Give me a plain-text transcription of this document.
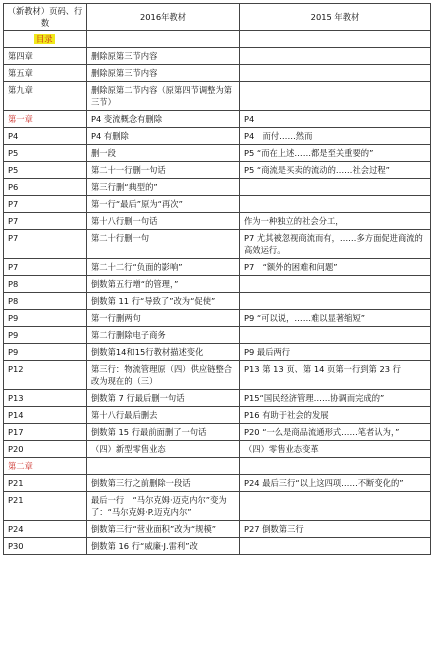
（新教材）页码、行数	2016年教材	2015 年教材
目录		
第四章	删除原第三节内容	
第五章	删除原第三节内容	
第九章	删除原第二节内容（原第四节调整为第三节）	
第一章	P4 变流概念有删除	P4
P4	P4 有删除	P4　而付……然而
P5	删一段	P5 “而在上述……都是至关重要的”
P5	第二十一行删一句话	P5 “商流是买卖的流动的……社会过程”
P6	第三行删“典型的”	
P7	第一行“最后”原为“再次”	
P7	第十八行删一句话	作为一种独立的社会分工，
P7	第二十行删一句	P7 尤其被忽视商流而有，……多方面促进商流的高效运行。
P7	第二十二行“负面的影响”	P7　“额外的困难和问题”
P8	倒数第五行增“的管理，”	
P8	倒数第 11 行“导致了”改为“促使”	
P9	第一行删两句	P9 “可以说，……难以显著缩短”
P9	第二行删除电子商务	
P9	倒数第14和15行教材描述变化	P9 最后两行
P12	第三行：物流管理原（四）供应链整合改为现在的（三）	P13 第 13 页、第 14 页第一行到第 23 行
P13	倒数第 7 行最后删一句话	P15“国民经济管理……协调而完成的”
P14	第十八行最后删去	P16 有助于社会的发展
P17	倒数第 15 行最前面删了一句话	P20 “一么是商品流通形式……笔者认为，”
P20	（四）新型零售业态	（四）零售业态变革
第二章		
P21	倒数第三行之前删除一段话	P24 最后三行“以上这四项……不断变化的”
P21	最后一行　“马尔克姆·迈克内尔”变为了：“马尔克姆·P.迈克内尔”	
P24	倒数第三行“营业面积”改为“规模”	P27 倒数第三行
P30	倒数第 16 行“威廉·J.雷利”改	
